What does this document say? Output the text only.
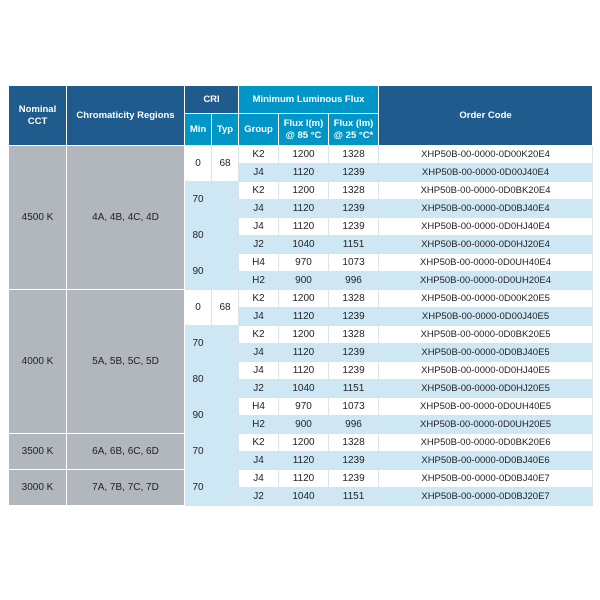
Nominal CCT	Chromaticity Regions	CRI		Minimum Luminous Flux			Order Code
		Min	Typ	Group	Flux l(m) @ 85 °C	Flux (lm) @ 25 °C*	
4500 K	4A, 4B, 4C, 4D	0	68	K2	1200	1328	XHP50B-00-0000-0D00K20E4
				J4	1120	1239	XHP50B-00-0000-0D00J40E4
		70		K2	1200	1328	XHP50B-00-0000-0D0BK20E4
				J4	1120	1239	XHP50B-00-0000-0D0BJ40E4
		80		J4	1120	1239	XHP50B-00-0000-0D0HJ40E4
				J2	1040	1151	XHP50B-00-0000-0D0HJ20E4
		90		H4	970	1073	XHP50B-00-0000-0D0UH40E4
				H2	900	996	XHP50B-00-0000-0D0UH20E4
4000 K	5A, 5B, 5C, 5D	0	68	K2	1200	1328	XHP50B-00-0000-0D00K20E5
				J4	1120	1239	XHP50B-00-0000-0D00J40E5
		70		K2	1200	1328	XHP50B-00-0000-0D0BK20E5
				J4	1120	1239	XHP50B-00-0000-0D0BJ40E5
		80		J4	1120	1239	XHP50B-00-0000-0D0HJ40E5
				J2	1040	1151	XHP50B-00-0000-0D0HJ20E5
		90		H4	970	1073	XHP50B-00-0000-0D0UH40E5
				H2	900	996	XHP50B-00-0000-0D0UH20E5
3500 K	6A, 6B, 6C, 6D	70		K2	1200	1328	XHP50B-00-0000-0D0BK20E6
				J4	1120	1239	XHP50B-00-0000-0D0BJ40E6
3000 K	7A, 7B, 7C, 7D	70		J4	1120	1239	XHP50B-00-0000-0D0BJ40E7
				J2	1040	1151	XHP50B-00-0000-0D0BJ20E7
